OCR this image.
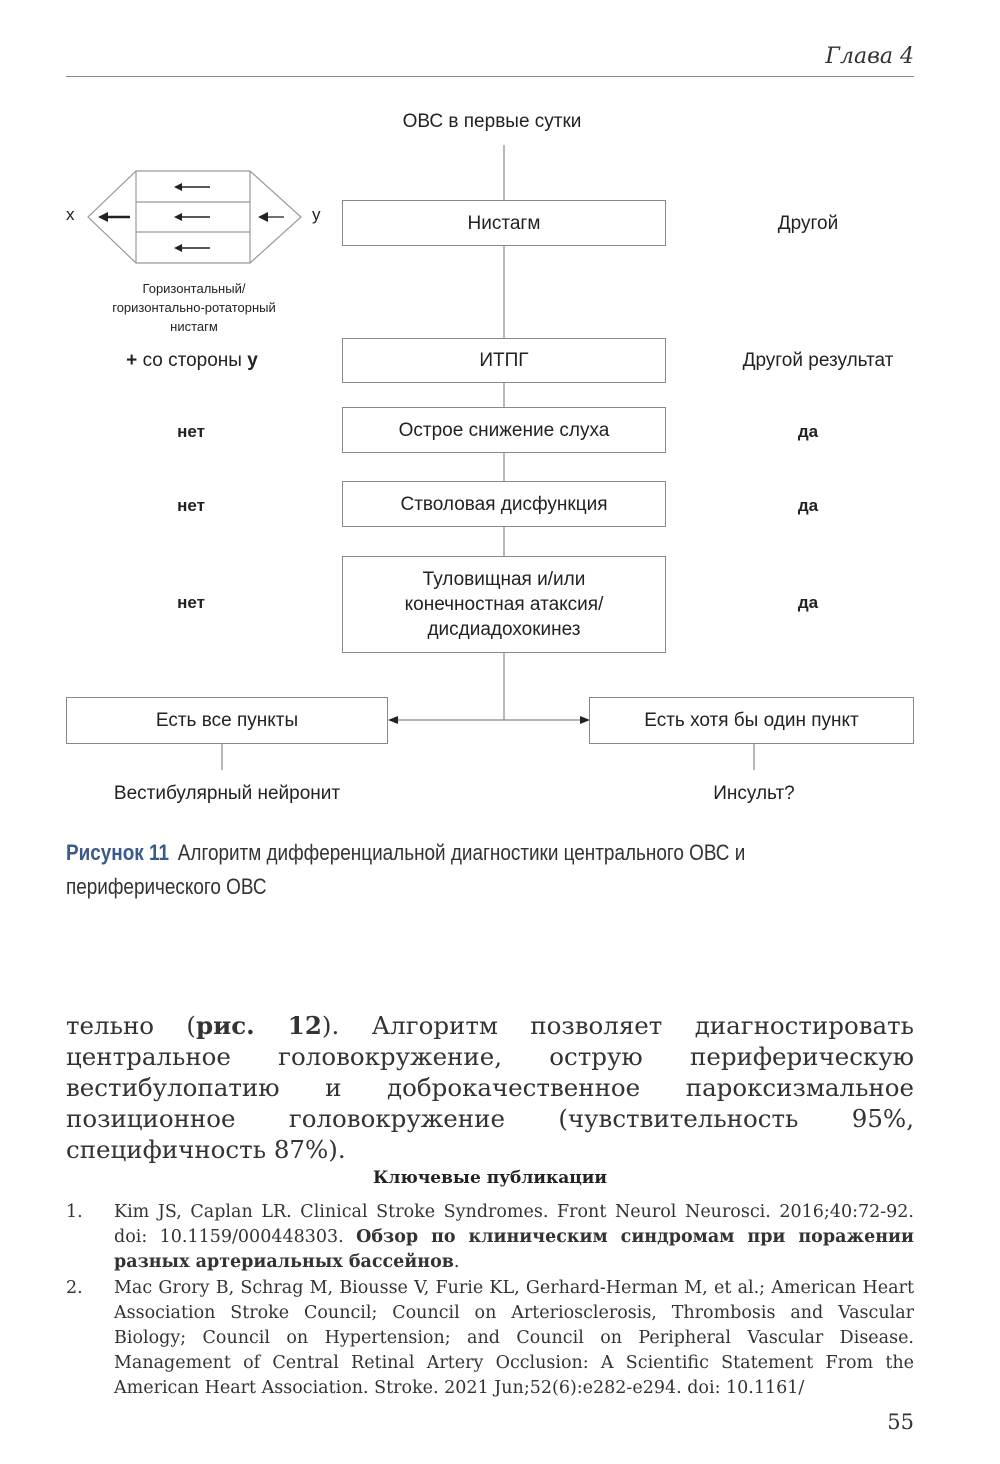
Глава 4
x	y
Горизонтальный/
горизонтально-ротаторный
нистагм
ОВС в первые сутки
Нистагм	Другой
ИТПГ
+ со стороны y	Другой результат
Острое снижение слуха
нет	да
Стволовая дисфункция
нет	да
Туловищная и/или
конечностная атаксия/
дисдиадохокинез
нет	да
Есть все пункты	Есть хотя бы один пункт
Вестибулярный нейронит	Инсульт?
Рисунок 11 Алгоритм дифференциальной диагностики центрального ОВС и периферического ОВС
тельно (рис. 12). Алгоритм позволяет диагностировать центральное головокружение, острую периферическую вестибулопатию и доброкачественное пароксизмальное позиционное головокружение (чувствительность 95%, специфичность 87%).
Ключевые публикации
1.	Kim JS, Caplan LR. Clinical Stroke Syndromes. Front Neurol Neurosci. 2016;40:72-92. doi: 10.1159/000448303. Обзор по клиническим синдромам при поражении разных артериальных бассейнов.
2.	Mac Grory B, Schrag M, Biousse V, Furie KL, Gerhard-Herman M, et al.; American Heart Association Stroke Council; Council on Arteriosclerosis, Thrombosis and Vascular Biology; Council on Hypertension; and Council on Peripheral Vascular Disease. Management of Central Retinal Artery Occlusion: A Scientific Statement From the American Heart Association. Stroke. 2021 Jun;52(6):e282-e294. doi: 10.1161/
55
